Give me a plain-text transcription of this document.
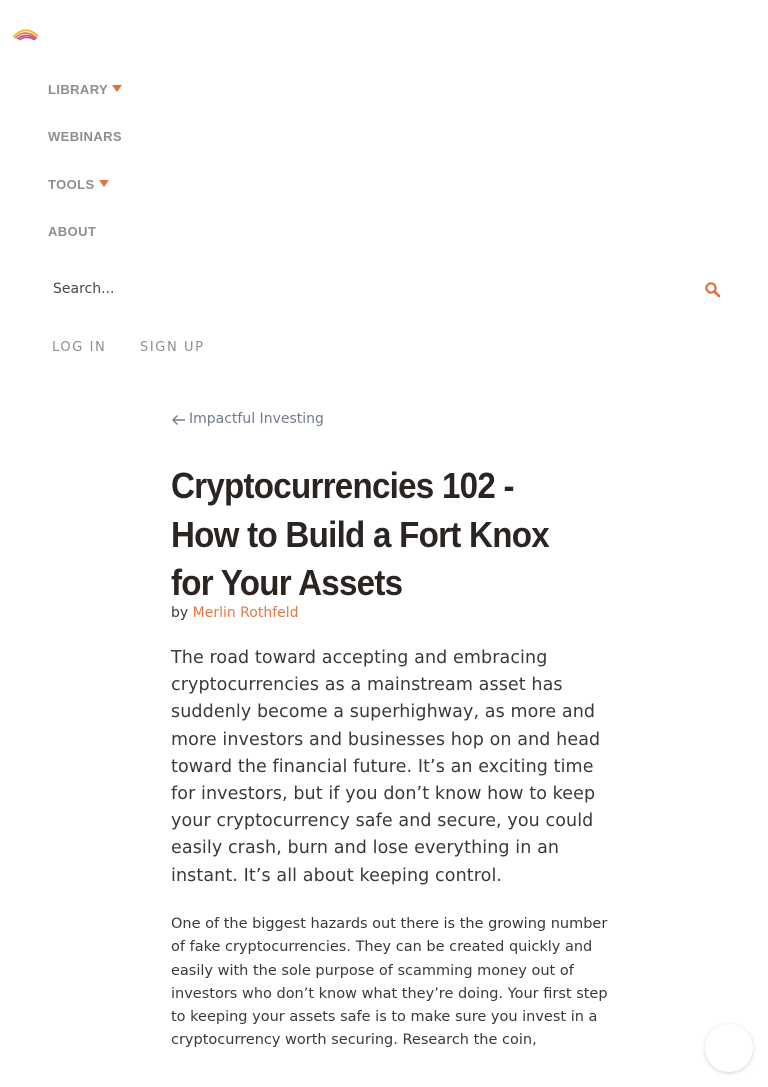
LIBRARY
WEBINARS
TOOLS
ABOUT
Search...
LOG IN	SIGN UP
Impactful Investing
Cryptocurrencies 102 - How to Build a Fort Knox for Your Assets
by Merlin Rothfeld

The road toward accepting and embracing cryptocurrencies as a mainstream asset has suddenly become a superhighway, as more and more investors and businesses hop on and head toward the financial future. It’s an exciting time for investors, but if you don’t know how to keep your cryptocurrency safe and secure, you could easily crash, burn and lose everything in an instant. It’s all about keeping control.

One of the biggest hazards out there is the growing number of fake cryptocurrencies. They can be created quickly and easily with the sole purpose of scamming money out of investors who don’t know what they’re doing. Your first step to keeping your assets safe is to make sure you invest in a cryptocurrency worth securing. Research the coin,
